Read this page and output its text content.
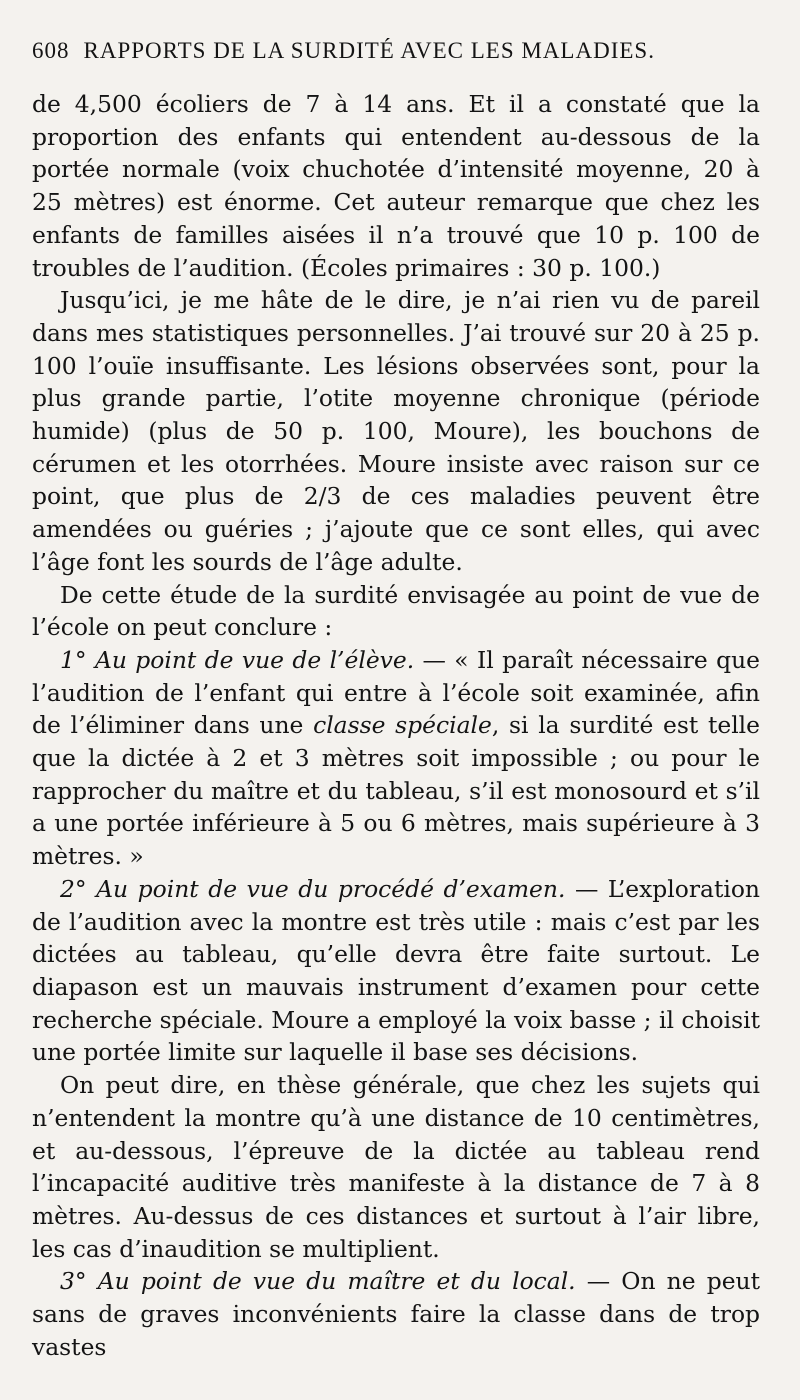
608 RAPPORTS DE LA SURDITÉ AVEC LES MALADIES.

de 4,500 écoliers de 7 à 14 ans. Et il a constaté que la proportion des enfants qui entendent au-dessous de la portée normale (voix chuchotée d’intensité moyenne, 20 à 25 mètres) est énorme. Cet auteur remarque que chez les enfants de familles aisées il n’a trouvé que 10 p. 100 de troubles de l’audition. (Écoles primaires : 30 p. 100.)

Jusqu’ici, je me hâte de le dire, je n’ai rien vu de pareil dans mes statistiques personnelles. J’ai trouvé sur 20 à 25 p. 100 l’ouïe insuffisante. Les lésions observées sont, pour la plus grande partie, l’otite moyenne chronique (période humide) (plus de 50 p. 100, Moure), les bouchons de cérumen et les otorrhées. Moure insiste avec raison sur ce point, que plus de 2/3 de ces maladies peuvent être amendées ou guéries ; j’ajoute que ce sont elles, qui avec l’âge font les sourds de l’âge adulte.

De cette étude de la surdité envisagée au point de vue de l’école on peut conclure :

1° Au point de vue de l’élève. — « Il paraît nécessaire que l’audition de l’enfant qui entre à l’école soit examinée, afin de l’éliminer dans une classe spéciale, si la surdité est telle que la dictée à 2 et 3 mètres soit impossible ; ou pour le rapprocher du maître et du tableau, s’il est monosourd et s’il a une portée inférieure à 5 ou 6 mètres, mais supérieure à 3 mètres. »

2° Au point de vue du procédé d’examen. — L’exploration de l’audition avec la montre est très utile : mais c’est par les dictées au tableau, qu’elle devra être faite surtout. Le diapason est un mauvais instrument d’examen pour cette recherche spéciale. Moure a employé la voix basse ; il choisit une portée limite sur laquelle il base ses décisions.

On peut dire, en thèse générale, que chez les sujets qui n’entendent la montre qu’à une distance de 10 centimètres, et au-dessous, l’épreuve de la dictée au tableau rend l’incapacité auditive très manifeste à la distance de 7 à 8 mètres. Au-dessus de ces distances et surtout à l’air libre, les cas d’inaudition se multiplient.

3° Au point de vue du maître et du local. — On ne peut sans de graves inconvénients faire la classe dans de trop vastes
